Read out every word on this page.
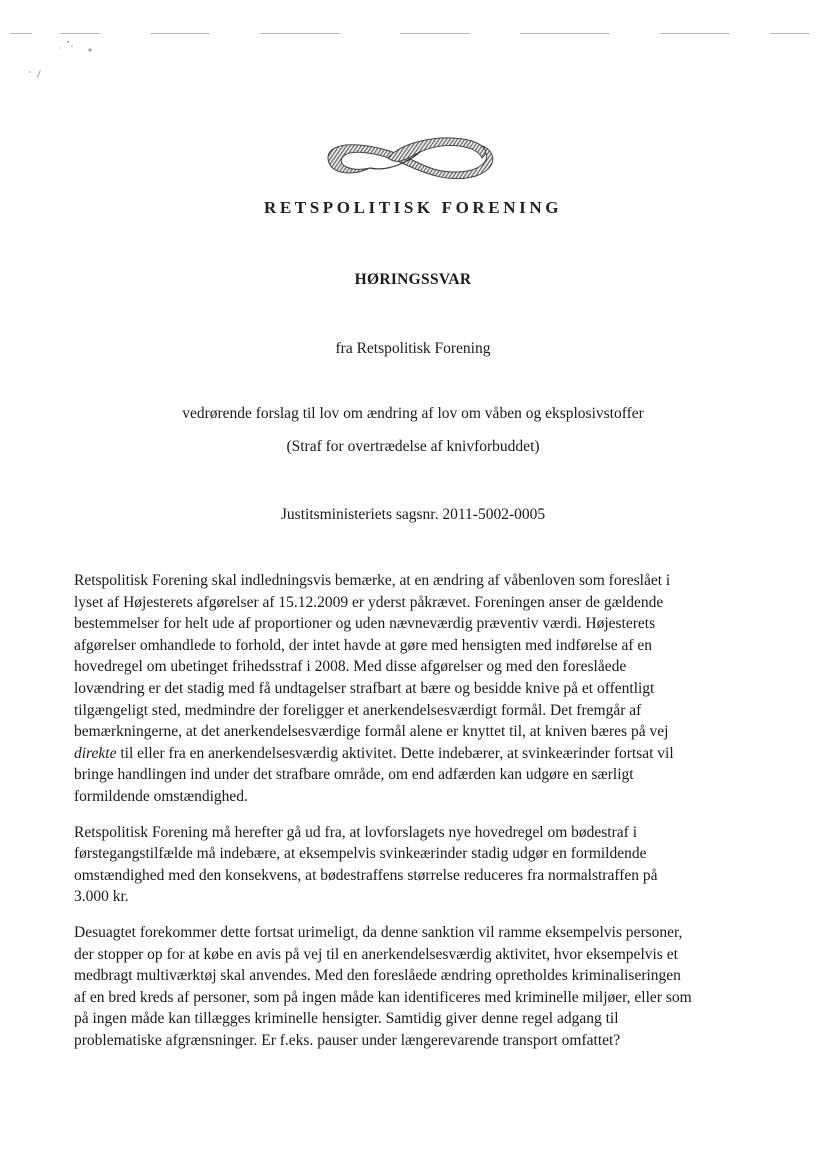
RETSPOLITISK FORENING
HØRINGSSVAR
fra Retspolitisk Forening
vedrørende forslag til lov om ændring af lov om våben og eksplosivstoffer
(Straf for overtrædelse af knivforbuddet)
Justitsministeriets sagsnr. 2011-5002-0005

Retspolitisk Forening skal indledningsvis bemærke, at en ændring af våbenloven som foreslået i
lyset af Højesterets afgørelser af 15.12.2009 er yderst påkrævet. Foreningen anser de gældende
bestemmelser for helt ude af proportioner og uden nævneværdig præventiv værdi. Højesterets
afgørelser omhandlede to forhold, der intet havde at gøre med hensigten med indførelse af en
hovedregel om ubetinget frihedsstraf i 2008. Med disse afgørelser og med den foreslåede
lovændring er det stadig med få undtagelser strafbart at bære og besidde knive på et offentligt
tilgængeligt sted, medmindre der foreligger et anerkendelsesværdigt formål. Det fremgår af
bemærkningerne, at det anerkendelsesværdige formål alene er knyttet til, at kniven bæres på vej
direkte til eller fra en anerkendelsesværdig aktivitet. Dette indebærer, at svinkeærinder fortsat vil
bringe handlingen ind under det strafbare område, om end adfærden kan udgøre en særligt
formildende omstændighed.

Retspolitisk Forening må herefter gå ud fra, at lovforslagets nye hovedregel om bødestraf i
førstegangstilfælde må indebære, at eksempelvis svinkeærinder stadig udgør en formildende
omstændighed med den konsekvens, at bødestraffens størrelse reduceres fra normalstraffen på
3.000 kr.

Desuagtet forekommer dette fortsat urimeligt, da denne sanktion vil ramme eksempelvis personer,
der stopper op for at købe en avis på vej til en anerkendelsesværdig aktivitet, hvor eksempelvis et
medbragt multiværktøj skal anvendes. Med den foreslåede ændring opretholdes kriminaliseringen
af en bred kreds af personer, som på ingen måde kan identificeres med kriminelle miljøer, eller som
på ingen måde kan tillægges kriminelle hensigter. Samtidig giver denne regel adgang til
problematiske afgrænsninger. Er f.eks. pauser under længerevarende transport omfattet?
